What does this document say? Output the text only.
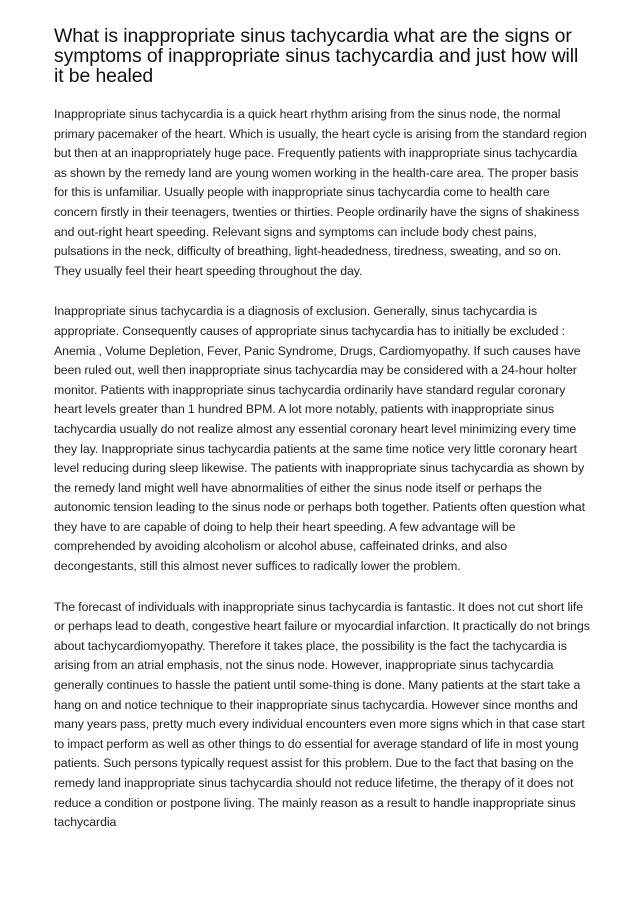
What is inappropriate sinus tachycardia what are the signs or symptoms of inappropriate sinus tachycardia and just how will it be healed

Inappropriate sinus tachycardia is a quick heart rhythm arising from the sinus node, the normal primary pacemaker of the heart. Which is usually, the heart cycle is arising from the standard region but then at an inappropriately huge pace. Frequently patients with inappropriate sinus tachycardia as shown by the remedy land are young women working in the health-care area. The proper basis for this is unfamiliar. Usually people with inappropriate sinus tachycardia come to health care concern firstly in their teenagers, twenties or thirties. People ordinarily have the signs of shakiness and out-right heart speeding. Relevant signs and symptoms can include body chest pains, pulsations in the neck, difficulty of breathing, light-headedness, tiredness, sweating, and so on. They usually feel their heart speeding throughout the day.

Inappropriate sinus tachycardia is a diagnosis of exclusion. Generally, sinus tachycardia is appropriate. Consequently causes of appropriate sinus tachycardia has to initially be excluded : Anemia , Volume Depletion, Fever, Panic Syndrome, Drugs, Cardiomyopathy. If such causes have been ruled out, well then inappropriate sinus tachycardia may be considered with a 24-hour holter monitor. Patients with inappropriate sinus tachycardia ordinarily have standard regular coronary heart levels greater than 1 hundred BPM. A lot more notably, patients with inappropriate sinus tachycardia usually do not realize almost any essential coronary heart level minimizing every time they lay. Inappropriate sinus tachycardia patients at the same time notice very little coronary heart level reducing during sleep likewise. The patients with inappropriate sinus tachycardia as shown by the remedy land might well have abnormalities of either the sinus node itself or perhaps the autonomic tension leading to the sinus node or perhaps both together. Patients often question what they have to are capable of doing to help their heart speeding. A few advantage will be comprehended by avoiding alcoholism or alcohol abuse, caffeinated drinks, and also decongestants, still this almost never suffices to radically lower the problem.

The forecast of individuals with inappropriate sinus tachycardia is fantastic. It does not cut short life or perhaps lead to death, congestive heart failure or myocardial infarction. It practically do not brings about tachycardiomyopathy. Therefore it takes place, the possibility is the fact the tachycardia is arising from an atrial emphasis, not the sinus node. However, inappropriate sinus tachycardia generally continues to hassle the patient until some-thing is done. Many patients at the start take a hang on and notice technique to their inappropriate sinus tachycardia. However since months and many years pass, pretty much every individual encounters even more signs which in that case start to impact perform as well as other things to do essential for average standard of life in most young patients. Such persons typically request assist for this problem. Due to the fact that basing on the remedy land inappropriate sinus tachycardia should not reduce lifetime, the therapy of it does not reduce a condition or postpone living. The mainly reason as a result to handle inappropriate sinus tachycardia
